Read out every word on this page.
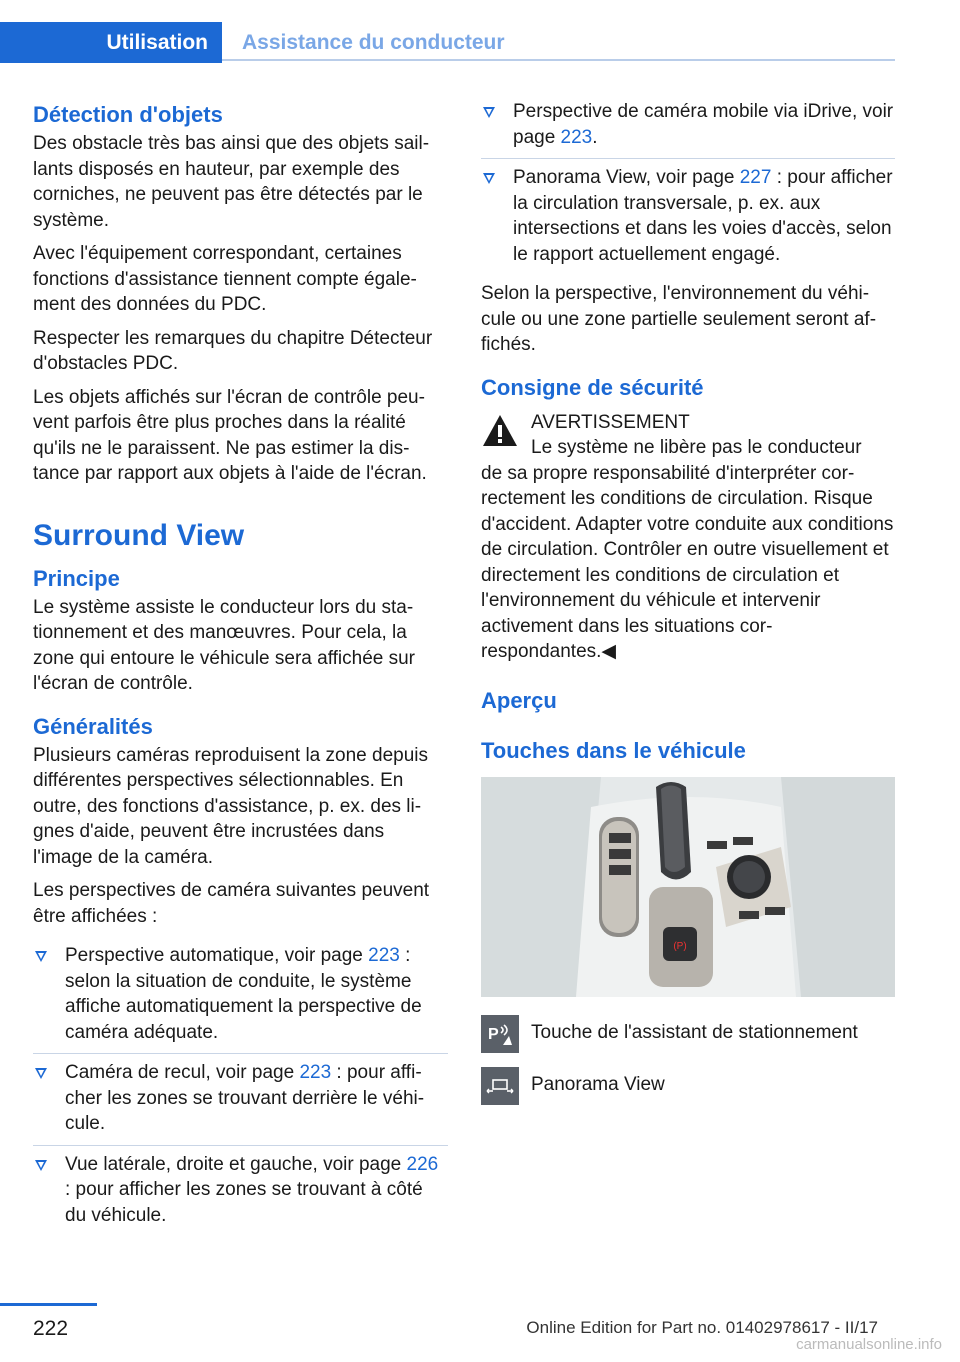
Utilisation	Assistance du conducteur
Détection d'objets

Des obstacle très bas ainsi que des objets saillants disposés en hauteur, par exemple des corniches, ne peuvent pas être détectés par le système.

Avec l'équipement correspondant, certaines fonctions d'assistance tiennent compte également des données du PDC.

Respecter les remarques du chapitre Détecteur d'obstacles PDC.

Les objets affichés sur l'écran de contrôle peuvent parfois être plus proches dans la réalité qu'ils ne le paraissent. Ne pas estimer la distance par rapport aux objets à l'aide de l'écran.

Surround View
Principe

Le système assiste le conducteur lors du stationnement et des manœuvres. Pour cela, la zone qui entoure le véhicule sera affichée sur l'écran de contrôle.

Généralités

Plusieurs caméras reproduisent la zone depuis différentes perspectives sélectionnables. En outre, des fonctions d'assistance, p. ex. des lignes d'aide, peuvent être incrustées dans l'image de la caméra.

Les perspectives de caméra suivantes peuvent être affichées :

Perspective automatique, voir page 223 : selon la situation de conduite, le système affiche automatiquement la perspective de caméra adéquate.
Caméra de recul, voir page 223 : pour afficher les zones se trouvant derrière le véhicule.
Vue latérale, droite et gauche, voir page 226 : pour afficher les zones se trouvant à côté du véhicule.
Perspective de caméra mobile via iDrive, voir page 223.
Panorama View, voir page 227 : pour afficher la circulation transversale, p. ex. aux intersections et dans les voies d'accès, selon le rapport actuellement engagé.

Selon la perspective, l'environnement du véhicule ou une zone partielle seulement seront affichés.

Consigne de sécurité
AVERTISSEMENT
Le système ne libère pas le conducteur

de sa propre responsabilité d'interpréter correctement les conditions de circulation. Risque d'accident. Adapter votre conduite aux conditions de circulation. Contrôler en outre visuellement et directement les conditions de circulation et l'environnement du véhicule et intervenir activement dans les situations correspondantes.◀

Aperçu
Touches dans le véhicule
(P)
P Touche de l'assistant de stationnement
Panorama View
222	Online Edition for Part no. 01402978617 - II/17
carmanualsonline.info
